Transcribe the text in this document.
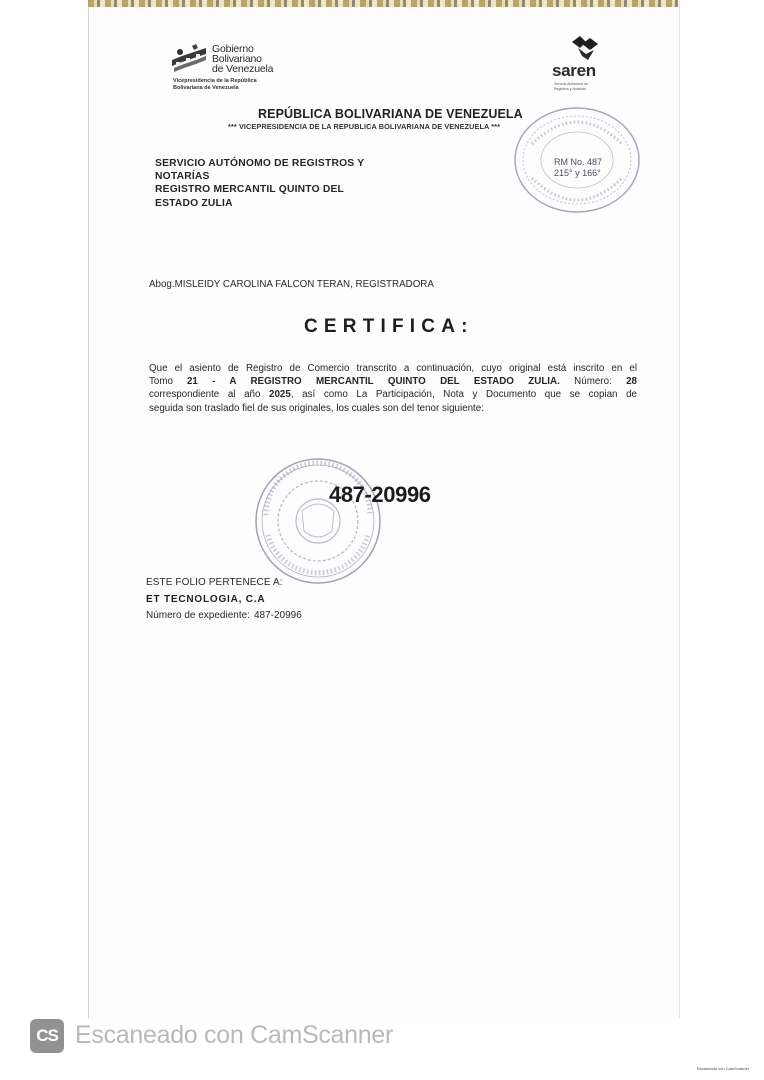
Gobierno
Bolivariano
de Venezuela
Vicepresidencia de la República
Bolivariana de Venezuela
saren
Servicio Autónomo de
Registros y Notarías
REPÚBLICA BOLIVARIANA DE VENEZUELA
*** VICEPRESIDENCIA DE LA REPUBLICA BOLIVARIANA DE VENEZUELA ***
RM No. 487
215° y 166°
SERVICIO AUTÓNOMO DE REGISTROS Y
NOTARÍAS
REGISTRO MERCANTIL QUINTO DEL
ESTADO ZULIA
Abog.MISLEIDY CAROLINA FALCON TERAN, REGISTRADORA
CERTIFICA:
Que el asiento de Registro de Comercio transcrito a continuación, cuyo original está inscrito en el
Tomo 21 - A REGISTRO MERCANTIL QUINTO DEL ESTADO ZULIA. Número: 28
correspondiente al año 2025, así como La Participación, Nota y Documento que se copian de
seguida son traslado fiel de sus originales, los cuales son del tenor siguiente:
487-20996
ESTE FOLIO PERTENECE A:
ET TECNOLOGIA, C.A
Número de expediente: 487-20996
CS Escaneado con CamScanner
Escaneado con CamScanner
